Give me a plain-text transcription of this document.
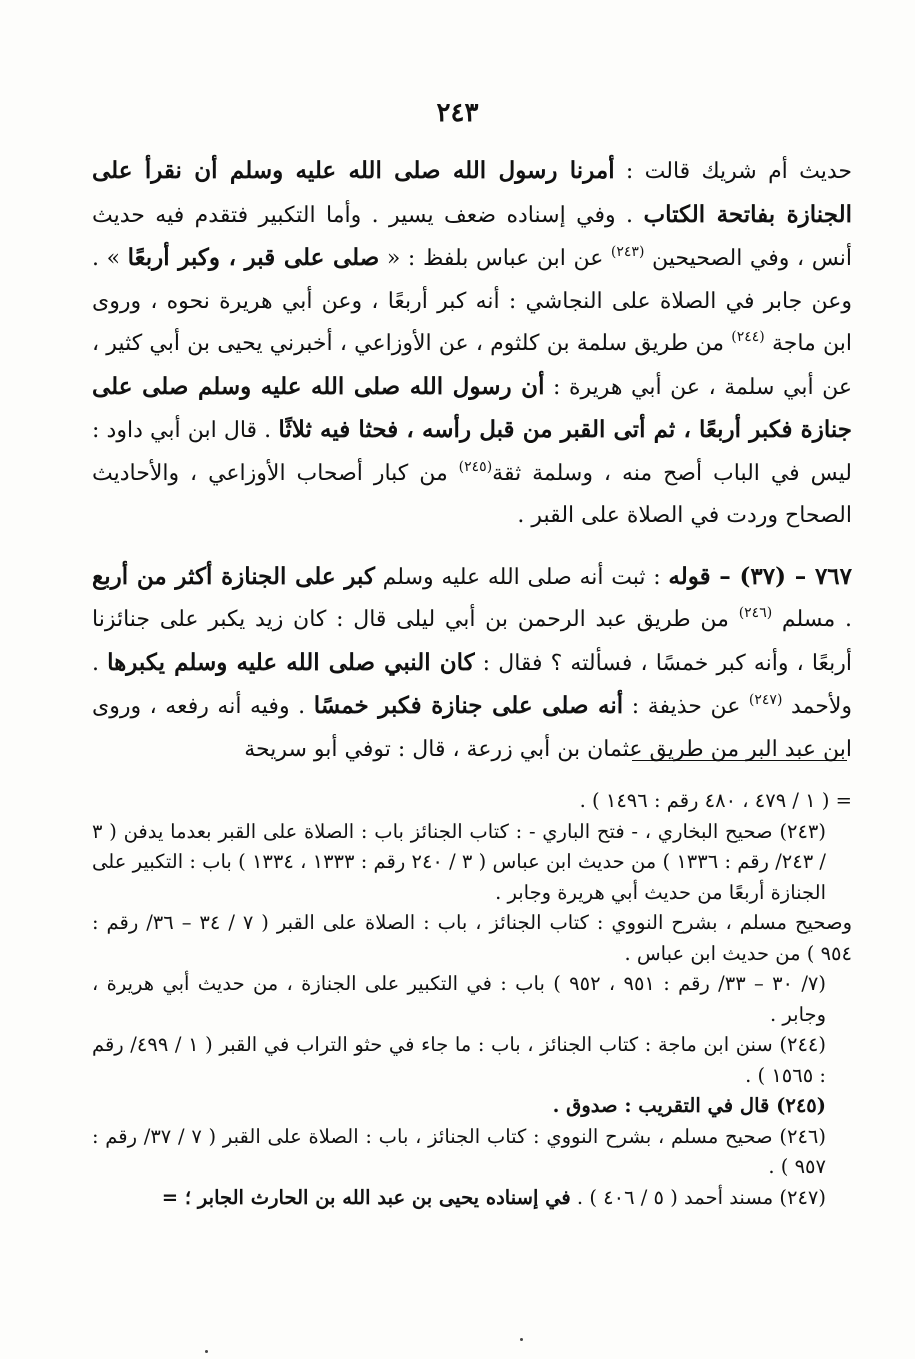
٢٤٣

حديث أم شريك قالت : أمرنا رسول الله صلى الله عليه وسلم أن نقرأ على الجنازة بفاتحة الكتاب . وفي إسناده ضعف يسير . وأما التكبير فتقدم فيه حديث أنس ، وفي الصحيحين $^{(٢٤٣)}$ عن ابن عباس بلفظ : « صلى على قبر ، وكبر أربعًا » . وعن جابر في الصلاة على النجاشي : أنه كبر أربعًا ، وعن أبي هريرة نحوه ، وروى ابن ماجة $^{(٢٤٤)}$ من طريق سلمة بن كلثوم ، عن الأوزاعي ، أخبرني يحيى بن أبي كثير ، عن أبي سلمة ، عن أبي هريرة : أن رسول الله صلى الله عليه وسلم صلى على جنازة فكبر أربعًا ، ثم أتى القبر من قبل رأسه ، فحثا فيه ثلاثًا . قال ابن أبي داود : ليس في الباب أصح منه ، وسلمة ثقة$^{(٢٤٥)}$ من كبار أصحاب الأوزاعي ، والأحاديث الصحاح وردت في الصلاة على القبر .

٧٦٧ – (٣٧) – قوله : ثبت أنه صلى الله عليه وسلم كبر على الجنازة أكثر من أربع . مسلم $^{(٢٤٦)}$ من طريق عبد الرحمن بن أبي ليلى قال : كان زيد يكبر على جنائزنا أربعًا ، وأنه كبر خمسًا ، فسألته ؟ فقال : كان النبي صلى الله عليه وسلم يكبرها . ولأحمد $^{(٢٤٧)}$ عن حذيفة : أنه صلى على جنازة فكبر خمسًا . وفيه أنه رفعه ، وروى ابن عبد البر من طريق عثمان بن أبي زرعة ، قال : توفي أبو سريحة

= ( ١ / ٤٧٩ ، ٤٨٠ رقم : ١٤٩٦ ) .
(٢٤٣) صحيح البخاري ، - فتح الباري - : كتاب الجنائز باب : الصلاة على القبر بعدما يدفن ( ٣ / ٢٤٣/ رقم : ١٣٣٦ ) من حديث ابن عباس ( ٣ / ٢٤٠ رقم : ١٣٣٣ ، ١٣٣٤ ) باب : التكبير على الجنازة أربعًا من حديث أبي هريرة وجابر .
وصحيح مسلم ، بشرح النووي : كتاب الجنائز ، باب : الصلاة على القبر ( ٧ / ٣٤ – ٣٦/ رقم : ٩٥٤ ) من حديث ابن عباس .
(٧/ ٣٠ – ٣٣/ رقم : ٩٥١ ، ٩٥٢ ) باب : في التكبير على الجنازة ، من حديث أبي هريرة ، وجابر .
(٢٤٤) سنن ابن ماجة : كتاب الجنائز ، باب : ما جاء في حثو التراب في القبر ( ١ / ٤٩٩/ رقم : ١٥٦٥ ) .
(٢٤٥) قال في التقريب : صدوق .
(٢٤٦) صحيح مسلم ، بشرح النووي : كتاب الجنائز ، باب : الصلاة على القبر ( ٧ / ٣٧/ رقم : ٩٥٧ ) .
(٢٤٧) مسند أحمد ( ٥ / ٤٠٦ ) . في إسناده يحيى بن عبد الله بن الحارث الجابر ؛ =
